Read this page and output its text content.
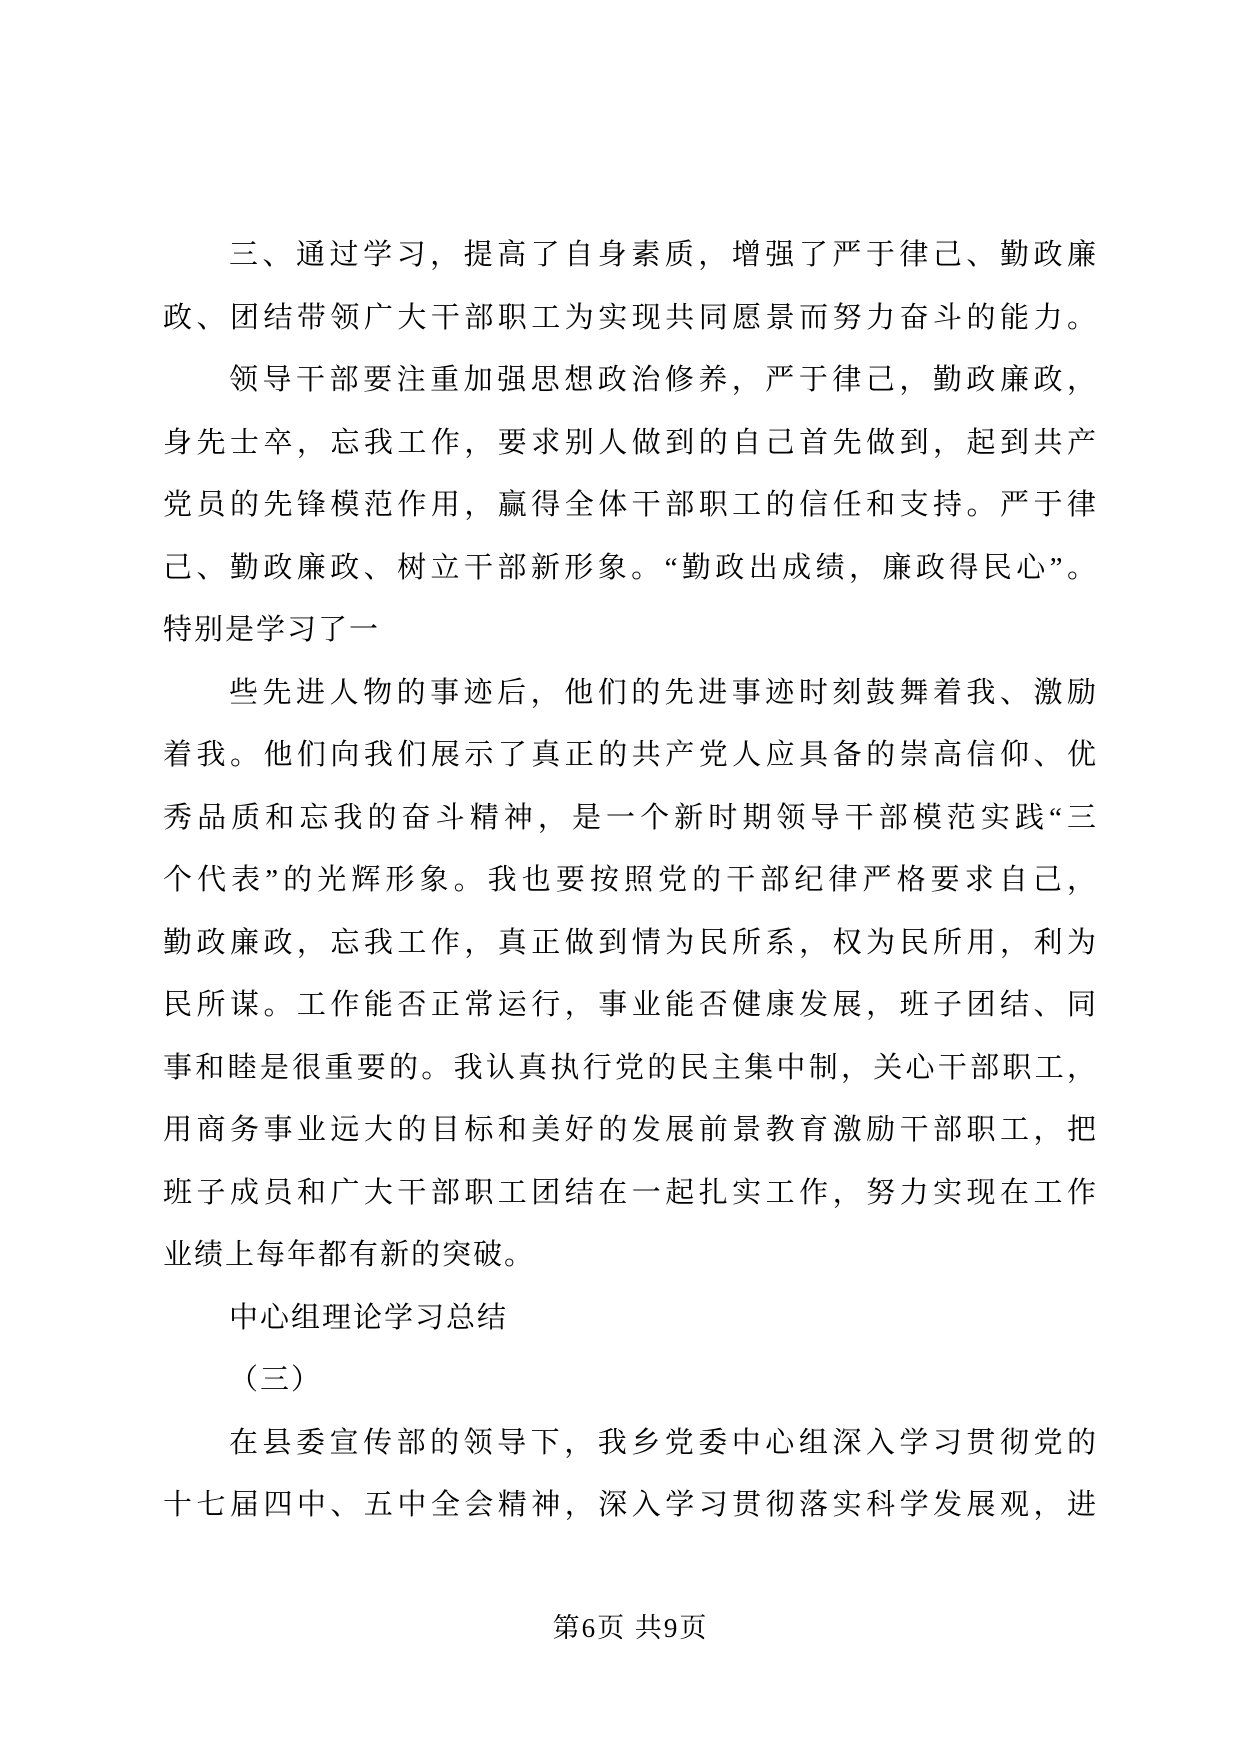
三、通过学习，提高了自身素质，增强了严于律己、勤政廉
政、团结带领广大干部职工为实现共同愿景而努力奋斗的能力。
领导干部要注重加强思想政治修养，严于律己，勤政廉政，
身先士卒，忘我工作，要求别人做到的自己首先做到，起到共产
党员的先锋模范作用，赢得全体干部职工的信任和支持。严于律
己、勤政廉政、树立干部新形象。“勤政出成绩，廉政得民心”。
特别是学习了一
些先进人物的事迹后，他们的先进事迹时刻鼓舞着我、激励
着我。他们向我们展示了真正的共产党人应具备的崇高信仰、优
秀品质和忘我的奋斗精神，是一个新时期领导干部模范实践“三
个代表”的光辉形象。我也要按照党的干部纪律严格要求自己，
勤政廉政，忘我工作，真正做到情为民所系，权为民所用，利为
民所谋。工作能否正常运行，事业能否健康发展，班子团结、同
事和睦是很重要的。我认真执行党的民主集中制，关心干部职工，
用商务事业远大的目标和美好的发展前景教育激励干部职工，把
班子成员和广大干部职工团结在一起扎实工作，努力实现在工作
业绩上每年都有新的突破。
中心组理论学习总结
（三）
在县委宣传部的领导下，我乡党委中心组深入学习贯彻党的
十七届四中、五中全会精神，深入学习贯彻落实科学发展观，进
第6页 共9页
